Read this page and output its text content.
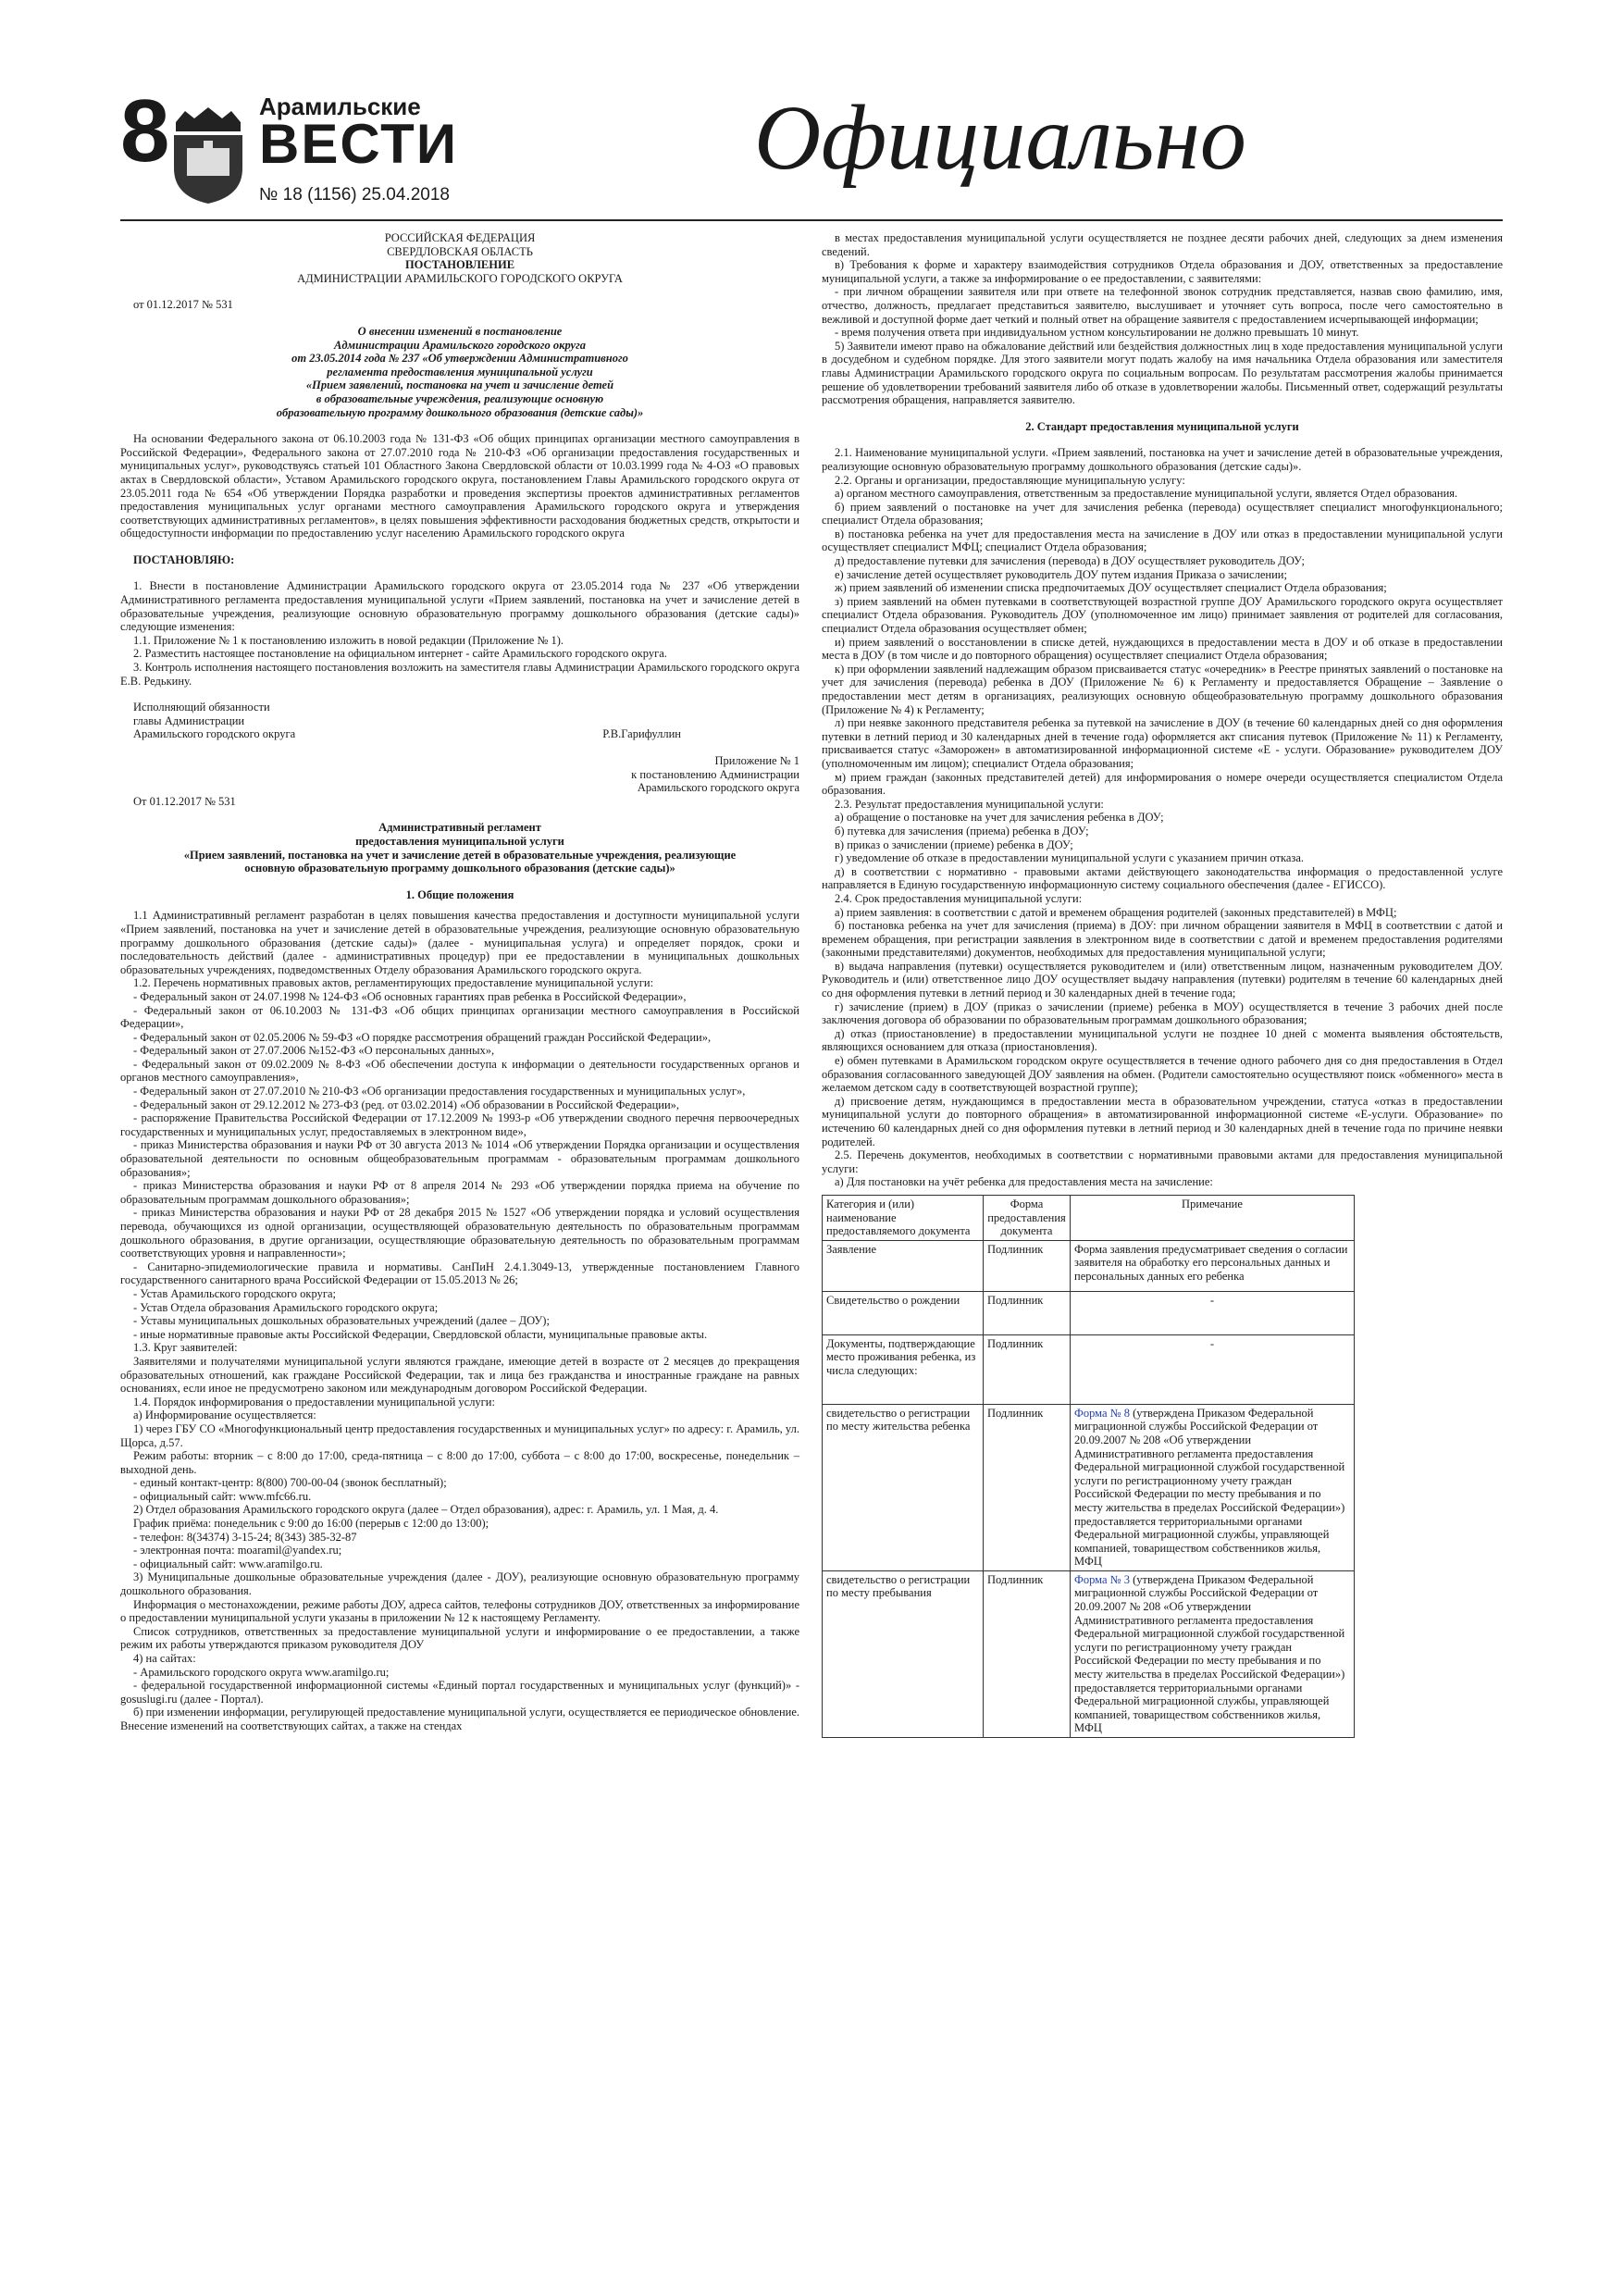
8	Арамильские
ВЕСТИ
№ 18 (1156) 25.04.2018
Официально

РОССИЙСКАЯ ФЕДЕРАЦИЯ

СВЕРДЛОВСКАЯ ОБЛАСТЬ

ПОСТАНОВЛЕНИЕ

АДМИНИСТРАЦИИ АРАМИЛЬСКОГО ГОРОДСКОГО ОКРУГА

от 01.12.2017 № 531

О внесении изменений в постановление

Администрации Арамильского городского округа

от 23.05.2014 года № 237 «Об утверждении Административного

регламента предоставления муниципальной услуги

«Прием заявлений, постановка на учет и зачисление детей

в образовательные учреждения, реализующие основную

образовательную программу дошкольного образования (детские сады)»

На основании Федерального закона от 06.10.2003 года № 131-ФЗ «Об общих принципах организации местного самоуправления в Российской Федерации», Федерального закона от 27.07.2010 года № 210-ФЗ «Об организации предоставления государственных и муниципальных услуг», руководствуясь статьей 101 Областного Закона Свердловской области от 10.03.1999 года № 4-ОЗ «О правовых актах в Свердловской области», Уставом Арамильского городского округа, постановлением Главы Арамильского городского округа от 23.05.2011 года № 654 «Об утверждении Порядка разработки и проведения экспертизы проектов административных регламентов предоставления муниципальных услуг органами местного самоуправления Арамильского городского округа и утверждения соответствующих административных регламентов», в целях повышения эффективности расходования бюджетных средств, открытости и общедоступности информации по предоставлению услуг населению Арамильского городского округа

ПОСТАНОВЛЯЮ:

1. Внести в постановление Администрации Арамильского городского округа от 23.05.2014 года № 237 «Об утверждении Административного регламента предоставления муниципальной услуги «Прием заявлений, постановка на учет и зачисление детей в образовательные учреждения, реализующие основную образовательную программу дошкольного образования (детские сады)» следующие изменения:

1.1. Приложение № 1 к постановлению изложить в новой редакции (Приложение № 1).

2. Разместить настоящее постановление на официальном интернет - сайте Арамильского городского округа.

3. Контроль исполнения настоящего постановления возложить на заместителя главы Администрации Арамильского городского округа Е.В. Редькину.

Исполняющий обязанности

главы Администрации

Арамильского городского округа	Р.В.Гарифуллин

Приложение № 1

к постановлению Администрации

Арамильского городского округа

От 01.12.2017 № 531

Административный регламент

предоставления муниципальной услуги

«Прием заявлений, постановка на учет и зачисление детей в образовательные учреждения, реализующие основную образовательную программу дошкольного образования (детские сады)»

1. Общие положения

1.1 Административный регламент разработан в целях повышения качества предоставления и доступности муниципальной услуги «Прием заявлений, постановка на учет и зачисление детей в образовательные учреждения, реализующие основную образовательную программу дошкольного образования (детские сады)» (далее - муниципальная услуга) и определяет порядок, сроки и последовательность действий (далее - административных процедур) при ее предоставлении в муниципальных дошкольных образовательных учреждениях, подведомственных Отделу образования Арамильского городского округа.

1.2. Перечень нормативных правовых актов, регламентирующих предоставление муниципальной услуги:

- Федеральный закон от 24.07.1998 № 124-ФЗ «Об основных гарантиях прав ребенка в Российской Федерации»,

- Федеральный закон от 06.10.2003 № 131-ФЗ «Об общих принципах организации местного самоуправления в Российской Федерации»,

- Федеральный закон от 02.05.2006 № 59-ФЗ «О порядке рассмотрения обращений граждан Российской Федерации»,

- Федеральный закон от 27.07.2006 №152-ФЗ «О персональных данных»,

- Федеральный закон от 09.02.2009 № 8-ФЗ «Об обеспечении доступа к информации о деятельности государственных органов и органов местного самоуправления»,

- Федеральный закон от 27.07.2010 № 210-ФЗ «Об организации предоставления государственных и муниципальных услуг»,

- Федеральный закон от 29.12.2012 № 273-ФЗ (ред. от 03.02.2014) «Об образовании в Российской Федерации»,

- распоряжение Правительства Российской Федерации от 17.12.2009 № 1993-р «Об утверждении сводного перечня первоочередных государственных и муниципальных услуг, предоставляемых в электронном виде»,

- приказ Министерства образования и науки РФ от 30 августа 2013 № 1014 «Об утверждении Порядка организации и осуществления образовательной деятельности по основным общеобразовательным программам - образовательным программам дошкольного образования»;

- приказ Министерства образования и науки РФ от 8 апреля 2014 № 293 «Об утверждении порядка приема на обучение по образовательным программам дошкольного образования»;

- приказ Министерства образования и науки РФ от 28 декабря 2015 № 1527 «Об утверждении порядка и условий осуществления перевода, обучающихся из одной организации, осуществляющей образовательную деятельность по образовательным программам дошкольного образования, в другие организации, осуществляющие образовательную деятельность по образовательным программам соответствующих уровня и направленности»;

- Санитарно-эпидемиологические правила и нормативы. СанПиН 2.4.1.3049-13, утвержденные постановлением Главного государственного санитарного врача Российской Федерации от 15.05.2013 № 26;

- Устав Арамильского городского округа;

- Устав Отдела образования Арамильского городского округа;

- Уставы муниципальных дошкольных образовательных учреждений (далее – ДОУ);

- иные нормативные правовые акты Российской Федерации, Свердловской области, муниципальные правовые акты.

1.3. Круг заявителей:

Заявителями и получателями муниципальной услуги являются граждане, имеющие детей в возрасте от 2 месяцев до прекращения образовательных отношений, как граждане Российской Федерации, так и лица без гражданства и иностранные граждане на равных основаниях, если иное не предусмотрено законом или международным договором Российской Федерации.

1.4. Порядок информирования о предоставлении муниципальной услуги:

а) Информирование осуществляется:

1) через ГБУ СО «Многофункциональный центр предоставления государственных и муниципальных услуг» по адресу: г. Арамиль, ул. Щорса, д.57.

Режим работы: вторник – с 8:00 до 17:00, среда-пятница – с 8:00 до 17:00, суббота – с 8:00 до 17:00, воскресенье, понедельник – выходной день.

- единый контакт-центр: 8(800) 700-00-04 (звонок бесплатный);

- официальный сайт: www.mfc66.ru.

2) Отдел образования Арамильского городского округа (далее – Отдел образования), адрес: г. Арамиль, ул. 1 Мая, д. 4.

График приёма: понедельник с 9:00 до 16:00 (перерыв с 12:00 до 13:00);

- телефон: 8(34374) 3-15-24; 8(343) 385-32-87

- электронная почта: moaramil@yandex.ru;

- официальный сайт: www.aramilgo.ru.

3) Муниципальные дошкольные образовательные учреждения (далее - ДОУ), реализующие основную образовательную программу дошкольного образования.

Информация о местонахождении, режиме работы ДОУ, адреса сайтов, телефоны сотрудников ДОУ, ответственных за информирование о предоставлении муниципальной услуги указаны в приложении № 12 к настоящему Регламенту.

Список сотрудников, ответственных за предоставление муниципальной услуги и информирование о ее предоставлении, а также режим их работы утверждаются приказом руководителя ДОУ

4) на сайтах:

- Арамильского городского округа www.aramilgo.ru;

- федеральной государственной информационной системы «Единый портал государственных и муниципальных услуг (функций)» - gosuslugi.ru (далее - Портал).

б) при изменении информации, регулирующей предоставление муниципальной услуги, осуществляется ее периодическое обновление. Внесение изменений на соответствующих сайтах, а также на стендах

в местах предоставления муниципальной услуги осуществляется не позднее десяти рабочих дней, следующих за днем изменения сведений.

в) Требования к форме и характеру взаимодействия сотрудников Отдела образования и ДОУ, ответственных за предоставление муниципальной услуги, а также за информирование о ее предоставлении, с заявителями:

- при личном обращении заявителя или при ответе на телефонной звонок сотрудник представляется, назвав свою фамилию, имя, отчество, должность, предлагает представиться заявителю, выслушивает и уточняет суть вопроса, после чего самостоятельно в вежливой и доступной форме дает четкий и полный ответ на обращение заявителя с предоставлением исчерпывающей информации;

- время получения ответа при индивидуальном устном консультировании не должно превышать 10 минут.

5) Заявители имеют право на обжалование действий или бездействия должностных лиц в ходе предоставления муниципальной услуги в досудебном и судебном порядке. Для этого заявители могут подать жалобу на имя начальника Отдела образования или заместителя главы Администрации Арамильского городского округа по социальным вопросам. По результатам рассмотрения жалобы принимается решение об удовлетворении требований заявителя либо об отказе в удовлетворении жалобы. Письменный ответ, содержащий результаты рассмотрения обращения, направляется заявителю.

2. Стандарт предоставления муниципальной услуги

2.1. Наименование муниципальной услуги. «Прием заявлений, постановка на учет и зачисление детей в образовательные учреждения, реализующие основную образовательную программу дошкольного образования (детские сады)».

2.2. Органы и организации, предоставляющие муниципальную услугу:

а) органом местного самоуправления, ответственным за предоставление муниципальной услуги, является Отдел образования.

б) прием заявлений о постановке на учет для зачисления ребенка (перевода) осуществляет специалист многофункционального; специалист Отдела образования;

в) постановка ребенка на учет для предоставления места на зачисление в ДОУ или отказ в предоставлении муниципальной услуги осуществляет специалист МФЦ; специалист Отдела образования;

д) предоставление путевки для зачисления (перевода) в ДОУ осуществляет руководитель ДОУ;

е) зачисление детей осуществляет руководитель ДОУ путем издания Приказа о зачислении;

ж) прием заявлений об изменении списка предпочитаемых ДОУ осуществляет специалист Отдела образования;

з) прием заявлений на обмен путевками в соответствующей возрастной группе ДОУ Арамильского городского округа осуществляет специалист Отдела образования. Руководитель ДОУ (уполномоченное им лицо) принимает заявления от родителей для согласования, специалист Отдела образования осуществляет обмен;

и) прием заявлений о восстановлении в списке детей, нуждающихся в предоставлении места в ДОУ и об отказе в предоставлении места в ДОУ (в том числе и до повторного обращения) осуществляет специалист Отдела образования;

к) при оформлении заявлений надлежащим образом присваивается статус «очередник» в Реестре принятых заявлений о постановке на учет для зачисления (перевода) ребенка в ДОУ (Приложение № 6) к Регламенту и предоставляется Обращение – Заявление о предоставлении мест детям в организациях, реализующих основную общеобразовательную программу дошкольного образования (Приложение № 4) к Регламенту;

л) при неявке законного представителя ребенка за путевкой на зачисление в ДОУ (в течение 60 календарных дней со дня оформления путевки в летний период и 30 календарных дней в течение года) оформляется акт списания путевок (Приложение № 11) к Регламенту, присваивается статус «Заморожен» в автоматизированной информационной системе «Е - услуги. Образование» руководителем ДОУ (уполномоченным им лицом); специалист Отдела образования;

м) прием граждан (законных представителей детей) для информирования о номере очереди осуществляется специалистом Отдела образования.

2.3. Результат предоставления муниципальной услуги:

а) обращение о постановке на учет для зачисления ребенка в ДОУ;

б) путевка для зачисления (приема) ребенка в ДОУ;

в) приказ о зачислении (приеме) ребенка в ДОУ;

г) уведомление об отказе в предоставлении муниципальной услуги с указанием причин отказа.

д) в соответствии с нормативно - правовыми актами действующего законодательства информация о предоставленной услуге направляется в Единую государственную информационную систему социального обеспечения (далее - ЕГИССО).

2.4. Срок предоставления муниципальной услуги:

а) прием заявления: в соответствии с датой и временем обращения родителей (законных представителей) в МФЦ;

б) постановка ребенка на учет для зачисления (приема) в ДОУ: при личном обращении заявителя в МФЦ в соответствии с датой и временем обращения, при регистрации заявления в электронном виде в соответствии с датой и временем предоставления родителями (законными представителями) документов, необходимых для предоставления муниципальной услуги;

в) выдача направления (путевки) осуществляется руководителем и (или) ответственным лицом, назначенным руководителем ДОУ. Руководитель и (или) ответственное лицо ДОУ осуществляет выдачу направления (путевки) родителям в течение 60 календарных дней со дня оформления путевки в летний период и 30 календарных дней в течение года;

г) зачисление (прием) в ДОУ (приказ о зачислении (приеме) ребенка в МОУ) осуществляется в течение 3 рабочих дней после заключения договора об образовании по образовательным программам дошкольного образования;

д) отказ (приостановление) в предоставлении муниципальной услуги не позднее 10 дней с момента выявления обстоятельств, являющихся основанием для отказа (приостановления).

е) обмен путевками в Арамильском городском округе осуществляется в течение одного рабочего дня со дня предоставления в Отдел образования согласованного заведующей ДОУ заявления на обмен. (Родители самостоятельно осуществляют поиск «обменного» места в желаемом детском саду в соответствующей возрастной группе);

д) присвоение детям, нуждающимся в предоставлении места в образовательном учреждении, статуса «отказ в предоставлении муниципальной услуги до повторного обращения» в автоматизированной информационной системе «Е-услуги. Образование» по истечению 60 календарных дней со дня оформления путевки в летний период и 30 календарных дней в течение года по причине неявки родителей.

2.5. Перечень документов, необходимых в соответствии с нормативными правовыми актами для предоставления муниципальной услуги:

а) Для постановки на учёт ребенка для предоставления места на зачисление:

Категория и (или) наименование предоставляемого документа	Форма предоставления документа	Примечание
Заявление	Подлинник	Форма заявления предусматривает сведения о согласии заявителя на обработку его персональных данных и персональных данных его ребенка
Свидетельство о рождении	Подлинник	-
Документы, подтверждающие место проживания ребенка, из числа следующих:	Подлинник	-
свидетельство о регистрации по месту жительства ребенка	Подлинник	Форма № 8 (утверждена Приказом Федеральной миграционной службы Российской Федерации от 20.09.2007 № 208 «Об утверждении Административного регламента предоставления Федеральной миграционной службой государственной услуги по регистрационному учету граждан Российской Федерации по месту пребывания и по месту жительства в пределах Российской Федерации») предоставляется территориальными органами Федеральной миграционной службы, управляющей компанией, товариществом собственников жилья, МФЦ
свидетельство о регистрации по месту пребывания	Подлинник	Форма № 3 (утверждена Приказом Федеральной миграционной службы Российской Федерации от 20.09.2007 № 208 «Об утверждении Административного регламента предоставления Федеральной миграционной службой государственной услуги по регистрационному учету граждан Российской Федерации по месту пребывания и по месту жительства в пределах Российской Федерации») предоставляется территориальными органами Федеральной миграционной службы, управляющей компанией, товариществом собственников жилья, МФЦ
